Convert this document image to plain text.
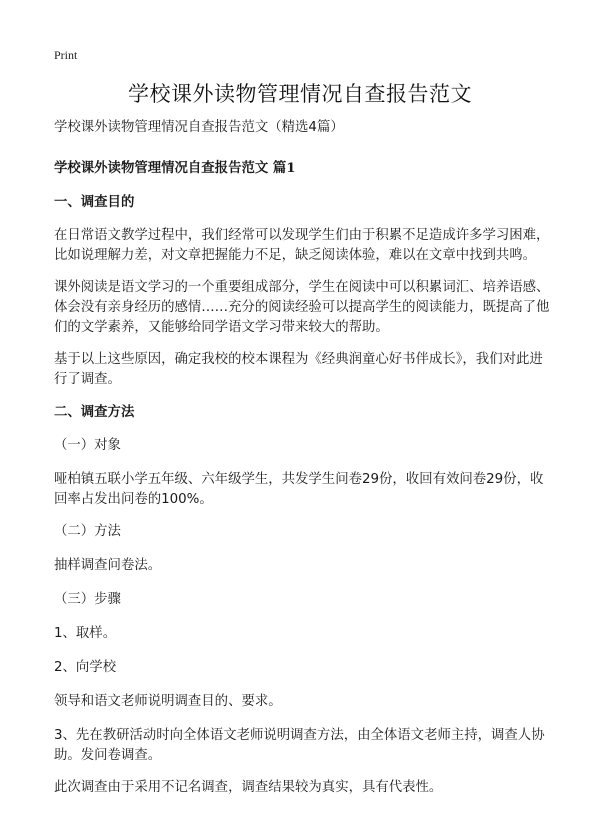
Print
学校课外读物管理情况自查报告范文
学校课外读物管理情况自查报告范文（精选4篇）
学校课外读物管理情况自查报告范文 篇1
一、调查目的
在日常语文教学过程中，我们经常可以发现学生们由于积累不足造成许多学习困难，比如说理解力差，对文章把握能力不足，缺乏阅读体验，难以在文章中找到共鸣。
课外阅读是语文学习的一个重要组成部分，学生在阅读中可以积累词汇、培养语感、体会没有亲身经历的感情……充分的阅读经验可以提高学生的阅读能力，既提高了他们的文学素养，又能够给同学语文学习带来较大的帮助。
基于以上这些原因，确定我校的校本课程为《经典润童心好书伴成长》，我们对此进行了调查。
二、调查方法
（一）对象
哑柏镇五联小学五年级、六年级学生，共发学生问卷29份，收回有效问卷29份，收回率占发出问卷的100%。
（二）方法
抽样调查问卷法。
（三）步骤
1、取样。
2、向学校
领导和语文老师说明调查目的、要求。
3、先在教研活动时向全体语文老师说明调查方法，由全体语文老师主持，调查人协助。发问卷调查。
此次调查由于采用不记名调查，调查结果较为真实，具有代表性。
